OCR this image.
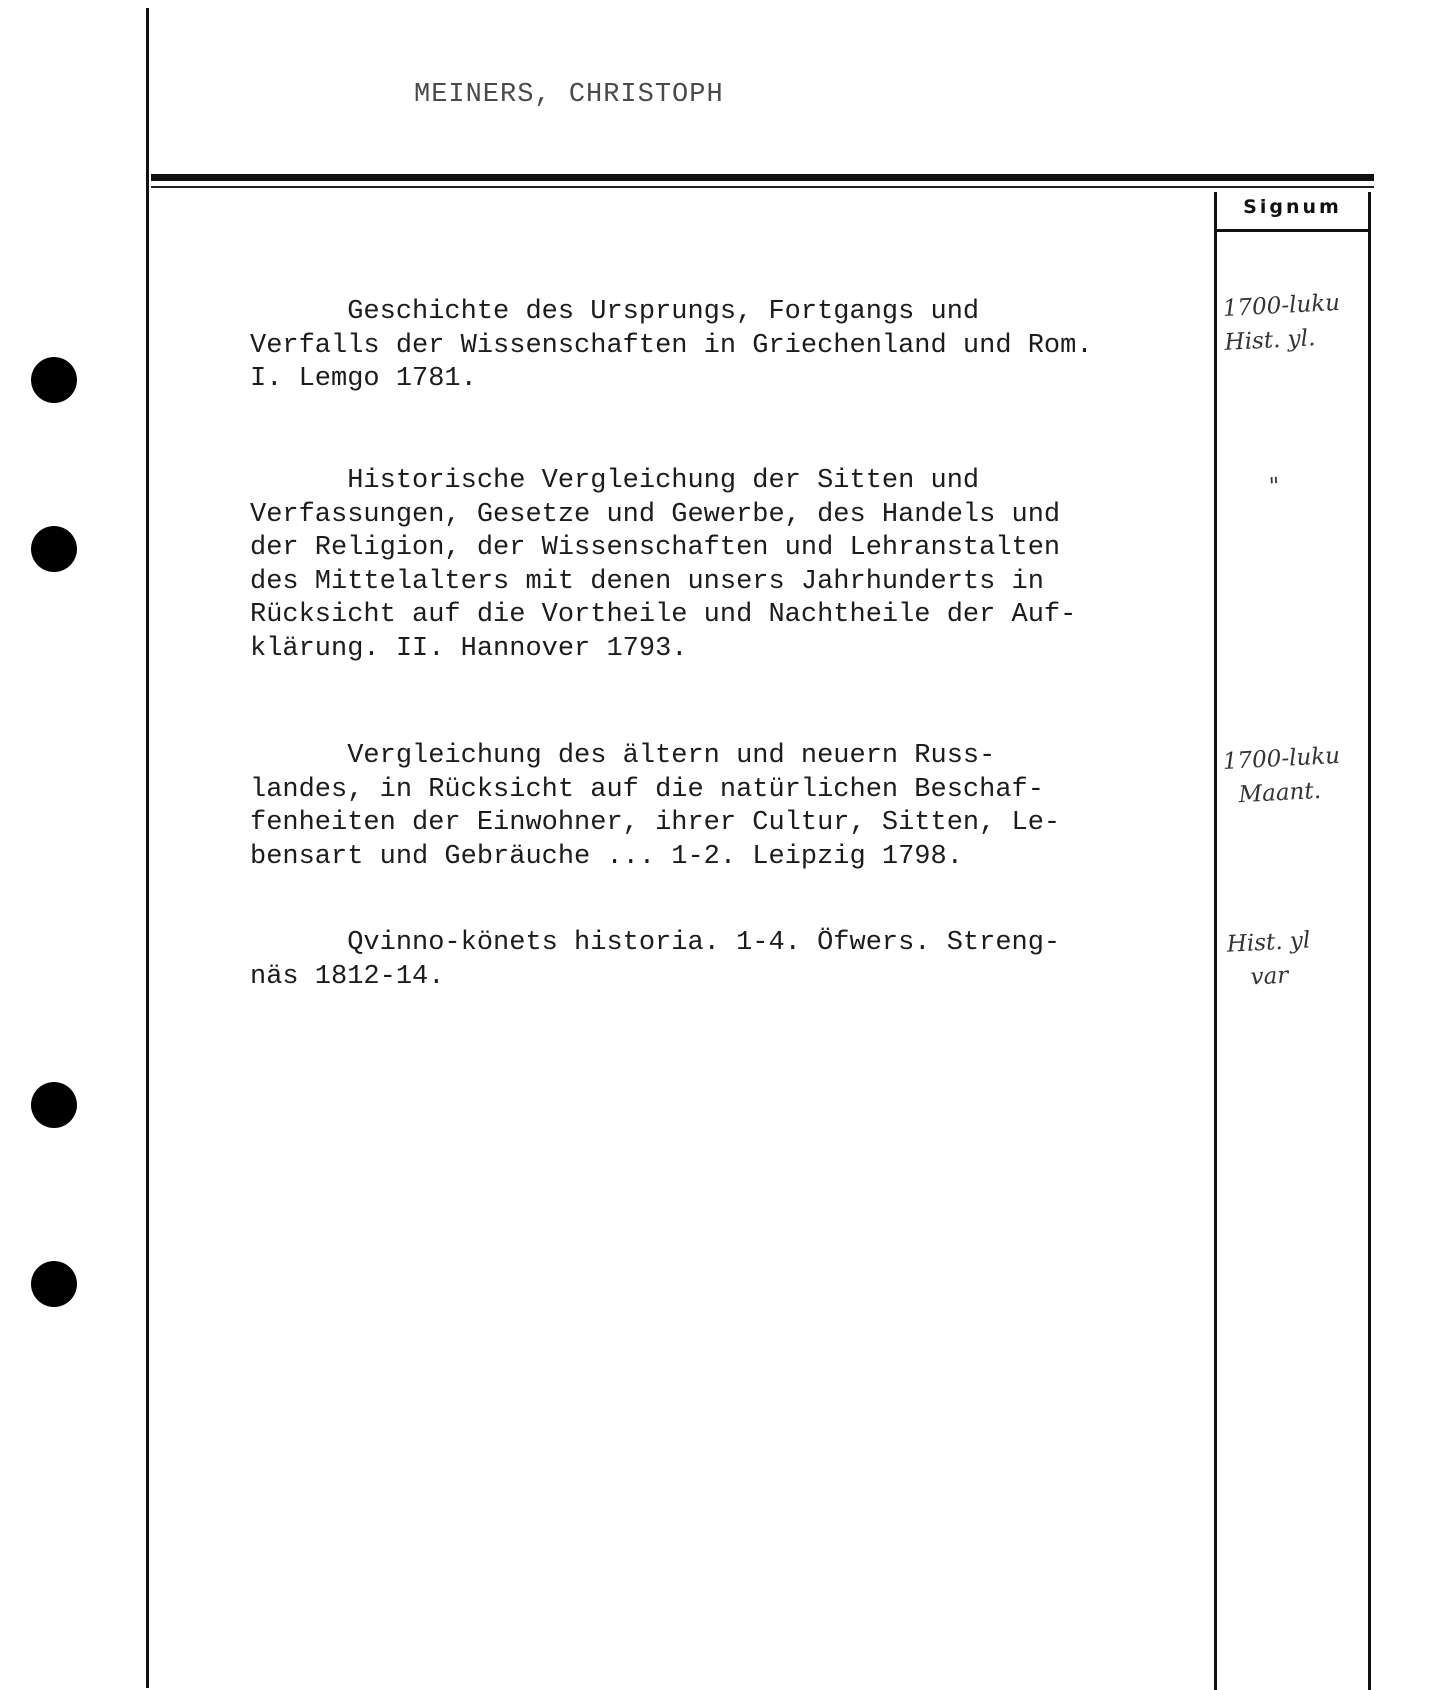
MEINERS, CHRISTOPH
Signum
Geschichte des Ursprungs, Fortgangs und
Verfalls der Wissenschaften in Griechenland und Rom.
I. Lemgo 1781.
1700-luku
Hist. yl.
Historische Vergleichung der Sitten und
Verfassungen, Gesetze und Gewerbe, des Handels und
der Religion, der Wissenschaften und Lehranstalten
des Mittelalters mit denen unsers Jahrhunderts in
Rücksicht auf die Vortheile und Nachtheile der Auf-
klärung. II. Hannover 1793.
"
Vergleichung des ältern und neuern Russ-
landes, in Rücksicht auf die natürlichen Beschaf-
fenheiten der Einwohner, ihrer Cultur, Sitten, Le-
bensart und Gebräuche ... 1-2. Leipzig 1798.
1700-luku
Maant.
Qvinno-könets historia. 1-4. Öfwers. Streng-
näs 1812-14.
Hist. yl
var
